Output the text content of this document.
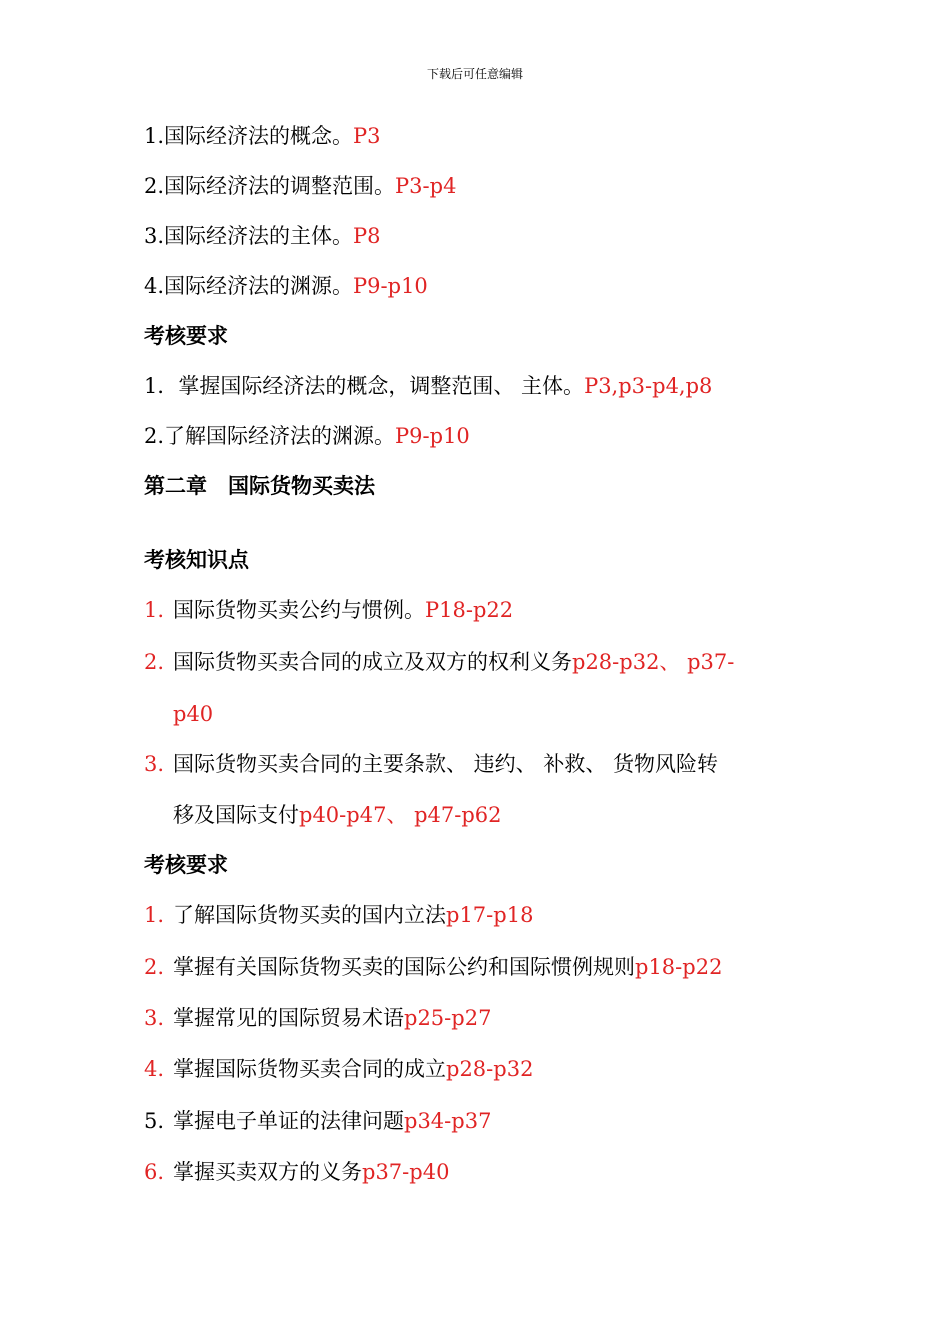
下载后可任意编辑
1.国际经济法的概念。P3
2.国际经济法的调整范围。P3-p4
3.国际经济法的主体。P8
4.国际经济法的渊源。P9-p10
考核要求
1．掌握国际经济法的概念，调整范围、 主体。P3,p3-p4,p8
2.了解国际经济法的渊源。P9-p10
第二章　国际货物买卖法
考核知识点
1. 国际货物买卖公约与惯例。P18-p22
2. 国际货物买卖合同的成立及双方的权利义务p28-p32、 p37-
p40
3. 国际货物买卖合同的主要条款、 违约、 补救、 货物风险转
移及国际支付p40-p47、 p47-p62
考核要求
1. 了解国际货物买卖的国内立法p17-p18
2. 掌握有关国际货物买卖的国际公约和国际惯例规则p18-p22
3. 掌握常见的国际贸易术语p25-p27
4. 掌握国际货物买卖合同的成立p28-p32
5. 掌握电子单证的法律问题p34-p37
6. 掌握买卖双方的义务p37-p40
